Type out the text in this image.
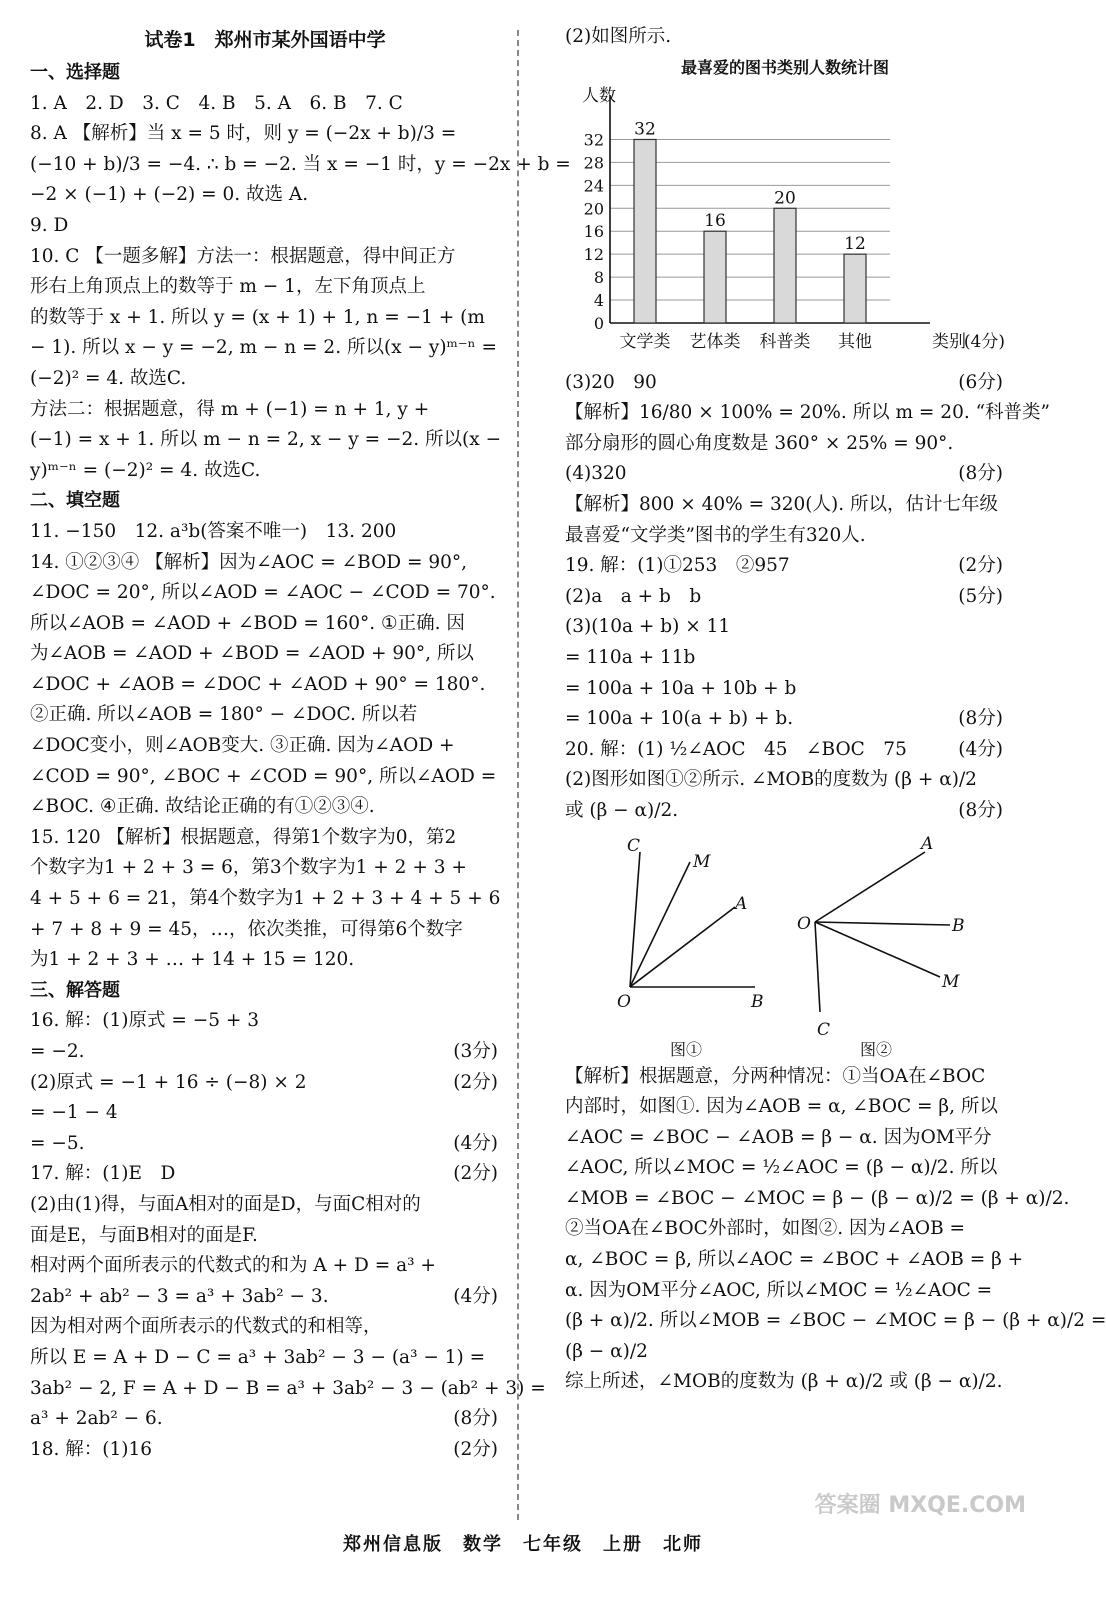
试卷1　郑州市某外国语中学
一、选择题
1. A　2. D　3. C　4. B　5. A　6. B　7. C
8. A 【解析】当 x = 5 时，则 y = (−2x + b)/3 =
(−10 + b)/3 = −4. ∴ b = −2. 当 x = −1 时，y = −2x + b =
−2 × (−1) + (−2) = 0. 故选 A.
9. D
10. C 【一题多解】方法一：根据题意，得中间正方
形右上角顶点上的数等于 m − 1，左下角顶点上
的数等于 x + 1. 所以 y = (x + 1) + 1, n = −1 + (m
− 1). 所以 x − y = −2, m − n = 2. 所以(x − y)ᵐ⁻ⁿ =
(−2)² = 4. 故选C.
方法二：根据题意，得 m + (−1) = n + 1, y +
(−1) = x + 1. 所以 m − n = 2, x − y = −2. 所以(x −
y)ᵐ⁻ⁿ = (−2)² = 4. 故选C.
二、填空题
11. −150　12. a³b(答案不唯一)　13. 200
14. ①②③④ 【解析】因为∠AOC = ∠BOD = 90°,
∠DOC = 20°, 所以∠AOD = ∠AOC − ∠COD = 70°.
所以∠AOB = ∠AOD + ∠BOD = 160°. ①正确. 因
为∠AOB = ∠AOD + ∠BOD = ∠AOD + 90°, 所以
∠DOC + ∠AOB = ∠DOC + ∠AOD + 90° = 180°.
②正确. 所以∠AOB = 180° − ∠DOC. 所以若
∠DOC变小，则∠AOB变大. ③正确. 因为∠AOD +
∠COD = 90°, ∠BOC + ∠COD = 90°, 所以∠AOD =
∠BOC. ④正确. 故结论正确的有①②③④.
15. 120 【解析】根据题意，得第1个数字为0，第2
个数字为1 + 2 + 3 = 6，第3个数字为1 + 2 + 3 +
4 + 5 + 6 = 21，第4个数字为1 + 2 + 3 + 4 + 5 + 6
+ 7 + 8 + 9 = 45，…，依次类推，可得第6个数字
为1 + 2 + 3 + … + 14 + 15 = 120.
三、解答题
16. 解：(1)原式 = −5 + 3
= −2.	(3分)
(2)原式 = −1 + 16 ÷ (−8) × 2	(2分)
= −1 − 4
= −5.	(4分)
17. 解：(1)E　D	(2分)
(2)由(1)得，与面A相对的面是D，与面C相对的
面是E，与面B相对的面是F.
相对两个面所表示的代数式的和为 A + D = a³ +
2ab² + ab² − 3 = a³ + 3ab² − 3.	(4分)
因为相对两个面所表示的代数式的和相等，
所以 E = A + D − C = a³ + 3ab² − 3 − (a³ − 1) =
3ab² − 2, F = A + D − B = a³ + 3ab² − 3 − (ab² + 3) =
a³ + 2ab² − 6.	(8分)
18. 解：(1)16	(2分)
(2)如图所示.
最喜爱的图书类别人数统计图
0
4
8
12
16
20
24
28
32
人数
类别
32
文学类
16
艺体类
20
科普类
12
其他	(4分)
(3)20　90	(6分)
【解析】16/80 × 100% = 20%. 所以 m = 20. “科普类”
部分扇形的圆心角度数是 360° × 25% = 90°.
(4)320	(8分)
【解析】800 × 40% = 320(人). 所以，估计七年级
最喜爱“文学类”图书的学生有320人.
19. 解：(1)①253　②957	(2分)
(2)a　a + b　b	(5分)
(3)(10a + b) × 11
= 110a + 11b
= 100a + 10a + 10b + b
= 100a + 10(a + b) + b.	(8分)
20. 解：(1) ½∠AOC　45　∠BOC　75	(4分)
(2)图形如图①②所示. ∠MOB的度数为 (β + α)/2
或 (β − α)/2.	(8分)
C
M
A
O	B
A
O	B
M
C
图①	图②
【解析】根据题意，分两种情况：①当OA在∠BOC
内部时，如图①. 因为∠AOB = α, ∠BOC = β, 所以
∠AOC = ∠BOC − ∠AOB = β − α. 因为OM平分
∠AOC, 所以∠MOC = ½∠AOC = (β − α)/2. 所以
∠MOB = ∠BOC − ∠MOC = β − (β − α)/2 = (β + α)/2.
②当OA在∠BOC外部时，如图②. 因为∠AOB =
α, ∠BOC = β, 所以∠AOC = ∠BOC + ∠AOB = β +
α. 因为OM平分∠AOC, 所以∠MOC = ½∠AOC =
(β + α)/2. 所以∠MOB = ∠BOC − ∠MOC = β − (β + α)/2 =
(β − α)/2
综上所述，∠MOB的度数为 (β + α)/2 或 (β − α)/2.
郑州信息版　数学　七年级　上册　北师
答案圈 MXQE.COM
